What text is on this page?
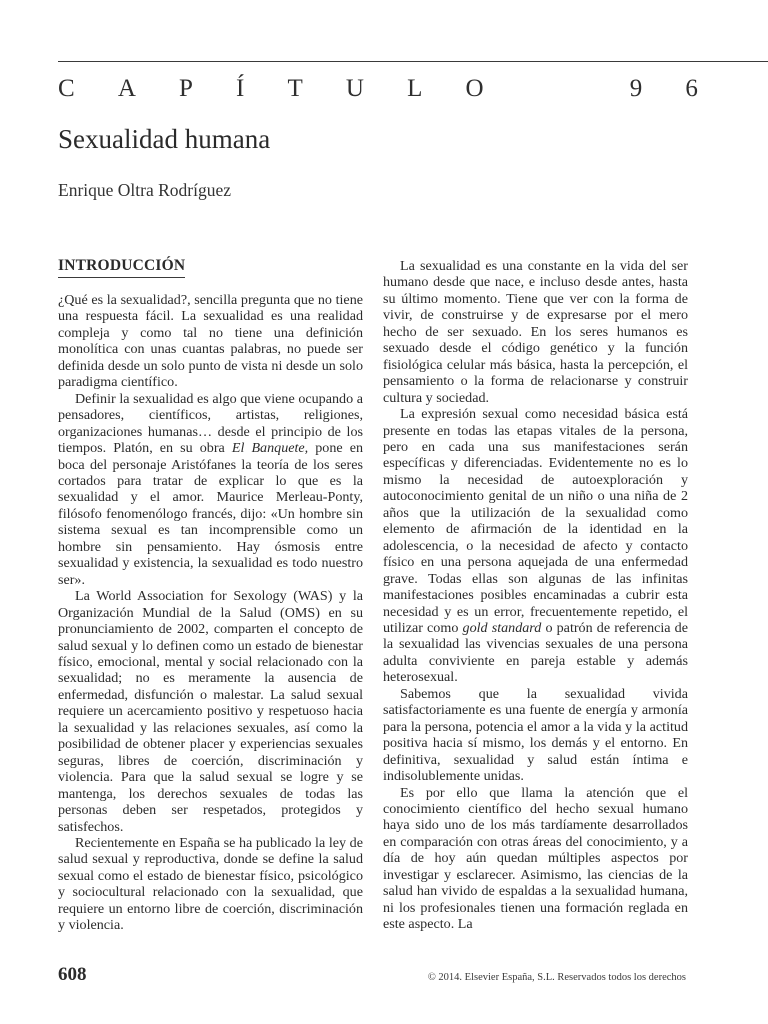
C A P Í T U L O	9 6
Sexualidad humana

Enrique Oltra Rodríguez

INTRODUCCIÓN

¿Qué es la sexualidad?, sencilla pregunta que no tiene una respuesta fácil. La sexualidad es una realidad compleja y como tal no tiene una definición monolítica con unas cuantas palabras, no puede ser definida desde un solo punto de vista ni desde un solo paradigma científico.

Definir la sexualidad es algo que viene ocupando a pensadores, científicos, artistas, religiones, organizaciones humanas… desde el principio de los tiempos. Platón, en su obra El Banquete, pone en boca del personaje Aristófanes la teoría de los seres cortados para tratar de explicar lo que es la sexualidad y el amor. Maurice Merleau-Ponty, filósofo fenomenólogo francés, dijo: «Un hombre sin sistema sexual es tan incomprensible como un hombre sin pensamiento. Hay ósmosis entre sexualidad y existencia, la sexualidad es todo nuestro ser».

La World Association for Sexology (WAS) y la Organización Mundial de la Salud (OMS) en su pronunciamiento de 2002, comparten el concepto de salud sexual y lo definen como un estado de bienestar físico, emocional, mental y social relacionado con la sexualidad; no es meramente la ausencia de enfermedad, disfunción o malestar. La salud sexual requiere un acercamiento positivo y respetuoso hacia la sexualidad y las relaciones sexuales, así como la posibilidad de obtener placer y experiencias sexuales seguras, libres de coerción, discriminación y violencia. Para que la salud sexual se logre y se mantenga, los derechos sexuales de todas las personas deben ser respetados, protegidos y satisfechos.

Recientemente en España se ha publicado la ley de salud sexual y reproductiva, donde se define la salud sexual como el estado de bienestar físico, psicológico y sociocultural relacionado con la sexualidad, que requiere un entorno libre de coerción, discriminación y violencia.

La sexualidad es una constante en la vida del ser humano desde que nace, e incluso desde antes, hasta su último momento. Tiene que ver con la forma de vivir, de construirse y de expresarse por el mero hecho de ser sexuado. En los seres humanos es sexuado desde el código genético y la función fisiológica celular más básica, hasta la percepción, el pensamiento o la forma de relacionarse y construir cultura y sociedad.

La expresión sexual como necesidad básica está presente en todas las etapas vitales de la persona, pero en cada una sus manifestaciones serán específicas y diferenciadas. Evidentemente no es lo mismo la necesidad de autoexploración y autoconocimiento genital de un niño o una niña de 2 años que la utilización de la sexualidad como elemento de afirmación de la identidad en la adolescencia, o la necesidad de afecto y contacto físico en una persona aquejada de una enfermedad grave. Todas ellas son algunas de las infinitas manifestaciones posibles encaminadas a cubrir esta necesidad y es un error, frecuentemente repetido, el utilizar como gold standard o patrón de referencia de la sexualidad las vivencias sexuales de una persona adulta conviviente en pareja estable y además heterosexual.

Sabemos que la sexualidad vivida satisfactoriamente es una fuente de energía y armonía para la persona, potencia el amor a la vida y la actitud positiva hacia sí mismo, los demás y el entorno. En definitiva, sexualidad y salud están íntima e indisolublemente unidas.

Es por ello que llama la atención que el conocimiento científico del hecho sexual humano haya sido uno de los más tardíamente desarrollados en comparación con otras áreas del conocimiento, y a día de hoy aún quedan múltiples aspectos por investigar y esclarecer. Asimismo, las ciencias de la salud han vivido de espaldas a la sexualidad humana, ni los profesionales tienen una formación reglada en este aspecto. La

608	© 2014. Elsevier España, S.L. Reservados todos los derechos
